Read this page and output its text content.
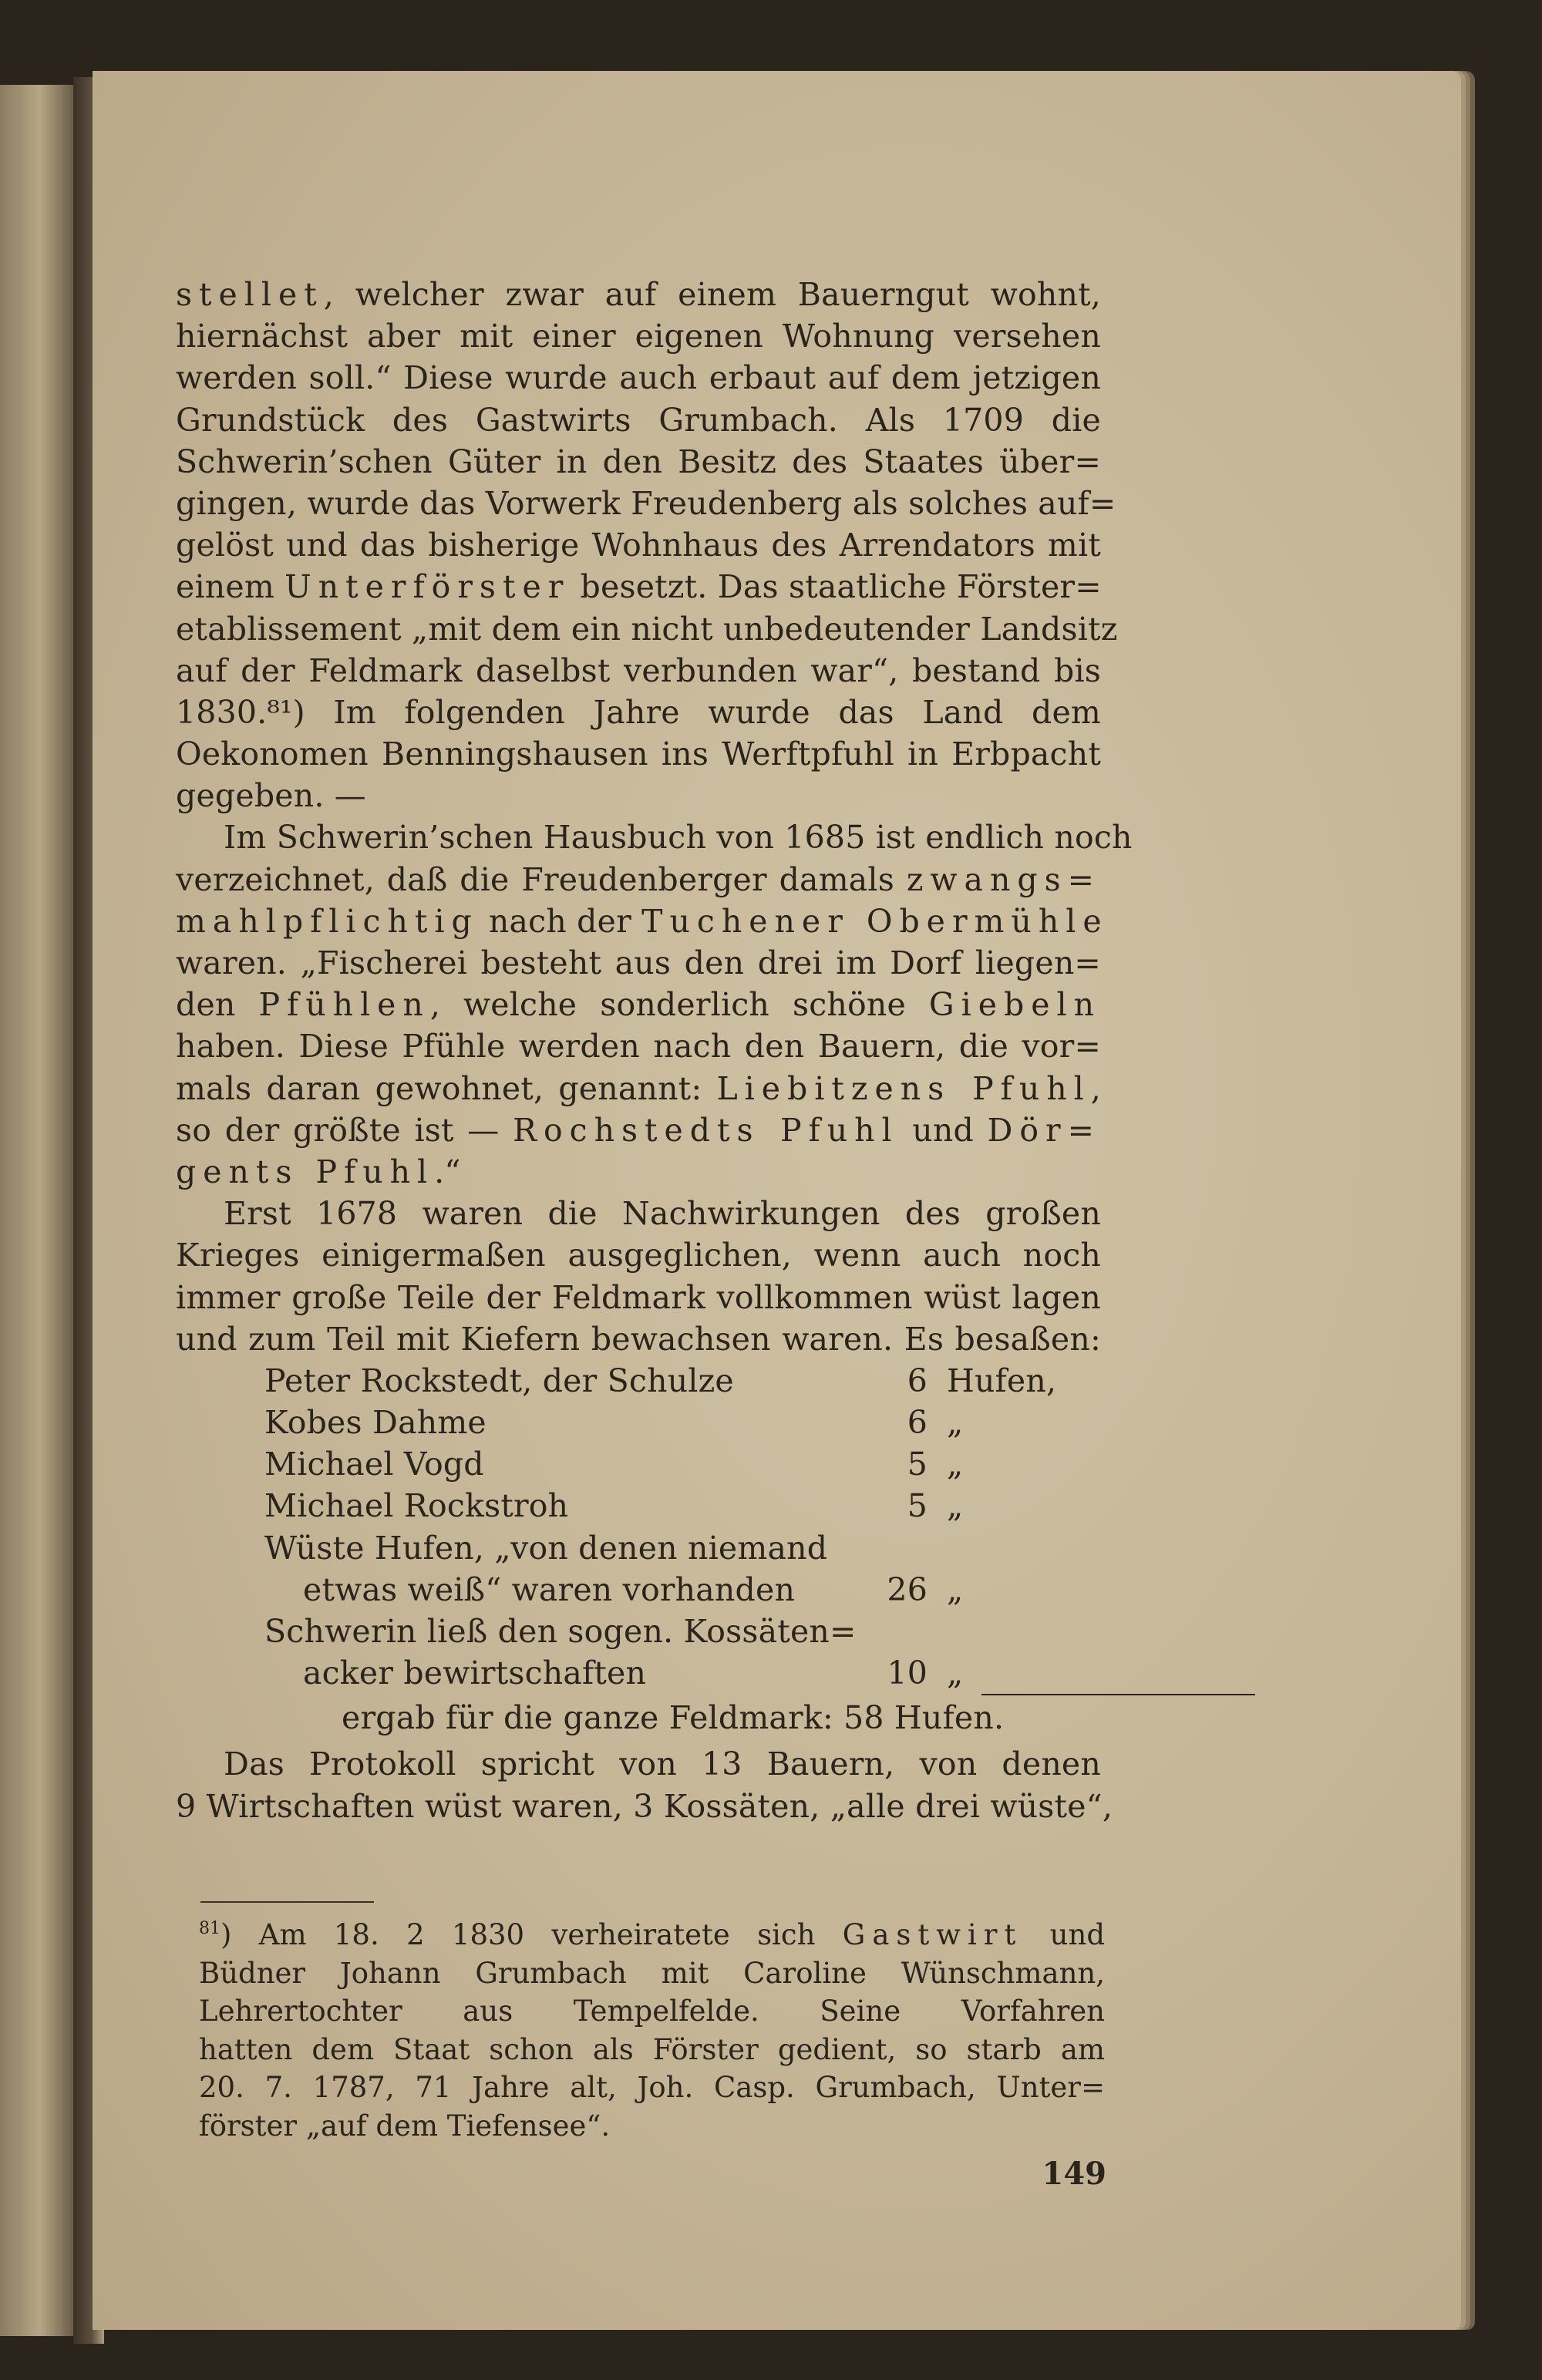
stellet, welcher zwar auf einem Bauerngut wohnt,
hiernächst aber mit einer eigenen Wohnung versehen
werden soll.“ Diese wurde auch erbaut auf dem jetzigen
Grundstück des Gastwirts Grumbach. Als 1709 die
Schwerin’schen Güter in den Besitz des Staates über=
gingen, wurde das Vorwerk Freudenberg als solches auf=
gelöst und das bisherige Wohnhaus des Arrendators mit
einem Unterförster besetzt. Das staatliche Förster=
etablissement „mit dem ein nicht unbedeutender Landsitz
auf der Feldmark daselbst verbunden war“, bestand bis
1830.⁸¹) Im folgenden Jahre wurde das Land dem
Oekonomen Benningshausen ins Werftpfuhl in Erbpacht
gegeben. —
Im Schwerin’schen Hausbuch von 1685 ist endlich noch
verzeichnet, daß die Freudenberger damals zwangs=
mahlpflichtig nach der Tuchener Obermühle
waren. „Fischerei besteht aus den drei im Dorf liegen=
den Pfühlen, welche sonderlich schöne Giebeln
haben. Diese Pfühle werden nach den Bauern, die vor=
mals daran gewohnet, genannt: Liebitzens Pfuhl,
so der größte ist — Rochstedts Pfuhl und Dör=
gents Pfuhl.“
Erst 1678 waren die Nachwirkungen des großen
Krieges einigermaßen ausgeglichen, wenn auch noch
immer große Teile der Feldmark vollkommen wüst lagen
und zum Teil mit Kiefern bewachsen waren. Es besaßen:
Peter Rockstedt, der Schulze	6 Hufen,
Kobes Dahme	6 „
Michael Vogd	5 „
Michael Rockstroh	5 „
Wüste Hufen, „von denen niemand
etwas weiß“ waren vorhanden	26 „
Schwerin ließ den sogen. Kossäten=
acker bewirtschaften	10 „
ergab für die ganze Feldmark: 58 Hufen.
Das Protokoll spricht von 13 Bauern, von denen
9 Wirtschaften wüst waren, 3 Kossäten, „alle drei wüste“,
$^{81}$) Am 18. 2 1830 verheiratete sich Gastwirt und
Büdner Johann Grumbach mit Caroline Wünschmann,
Lehrertochter aus Tempelfelde. Seine Vorfahren
hatten dem Staat schon als Förster gedient, so starb am
20. 7. 1787, 71 Jahre alt, Joh. Casp. Grumbach, Unter=
förster „auf dem Tiefensee“.
149
